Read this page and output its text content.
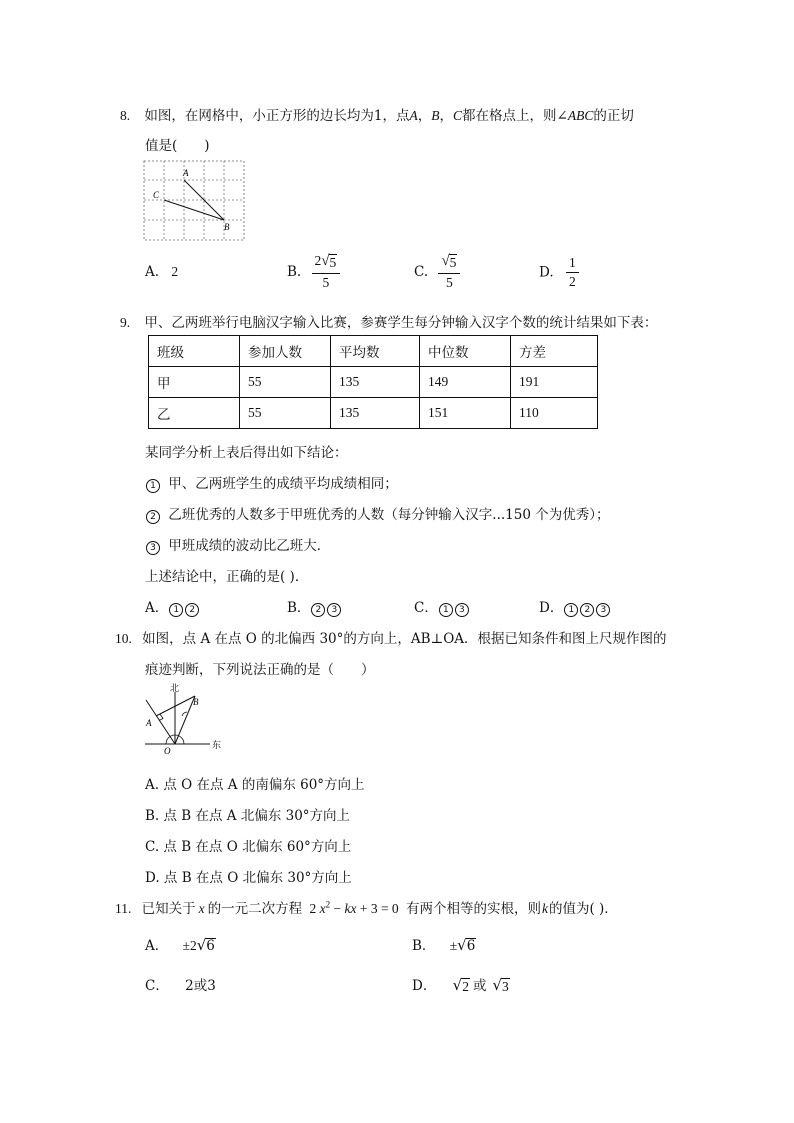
8. 如图，在网格中，小正方形的边长均为1，点A，B，C都在格点上，则∠ABC的正切
值是(　　)
A
C
B
A. 2	B. $\frac{2 √ 5}{5}$	C. $\frac{√ 5}{5}$	D. $\frac{1}{2}$
9. 甲、乙两班举行电脑汉字输入比赛，参赛学生每分钟输入汉字个数的统计结果如下表：
班级	参加人数	平均数	中位数	方差
甲	55	135	149	191
乙	55	135	151	110
某同学分析上表后得出如下结论：
1 甲、乙两班学生的成绩平均成绩相同；
2 乙班优秀的人数多于甲班优秀的人数（每分钟输入汉字...150 个为优秀）；
3 甲班成绩的波动比乙班大．
上述结论中，正确的是( )．
A． 1 2	B． 2 3	C． 1 3	D． 1 2 3
10. 如图，点 A 在点 O 的北偏西 30°的方向上，AB⊥OA．根据已知条件和图上尺规作图的
痕迹判断，下列说法正确的是（　　）
北
东
A
B
O
A. 点 O 在点 A 的南偏东 60°方向上
B. 点 B 在点 A 北偏东 30°方向上
C. 点 B 在点 O 北偏东 60°方向上
D. 点 B 在点 O 北偏东 30°方向上
11. 已知关于 x 的一元二次方程 2 $x^2$ − kx + 3 = 0 有两个相等的实根，则k的值为( )．
A． ±2 √ 6	B． ± √ 6
C． 2或3	D． √ 2 或 √ 3
